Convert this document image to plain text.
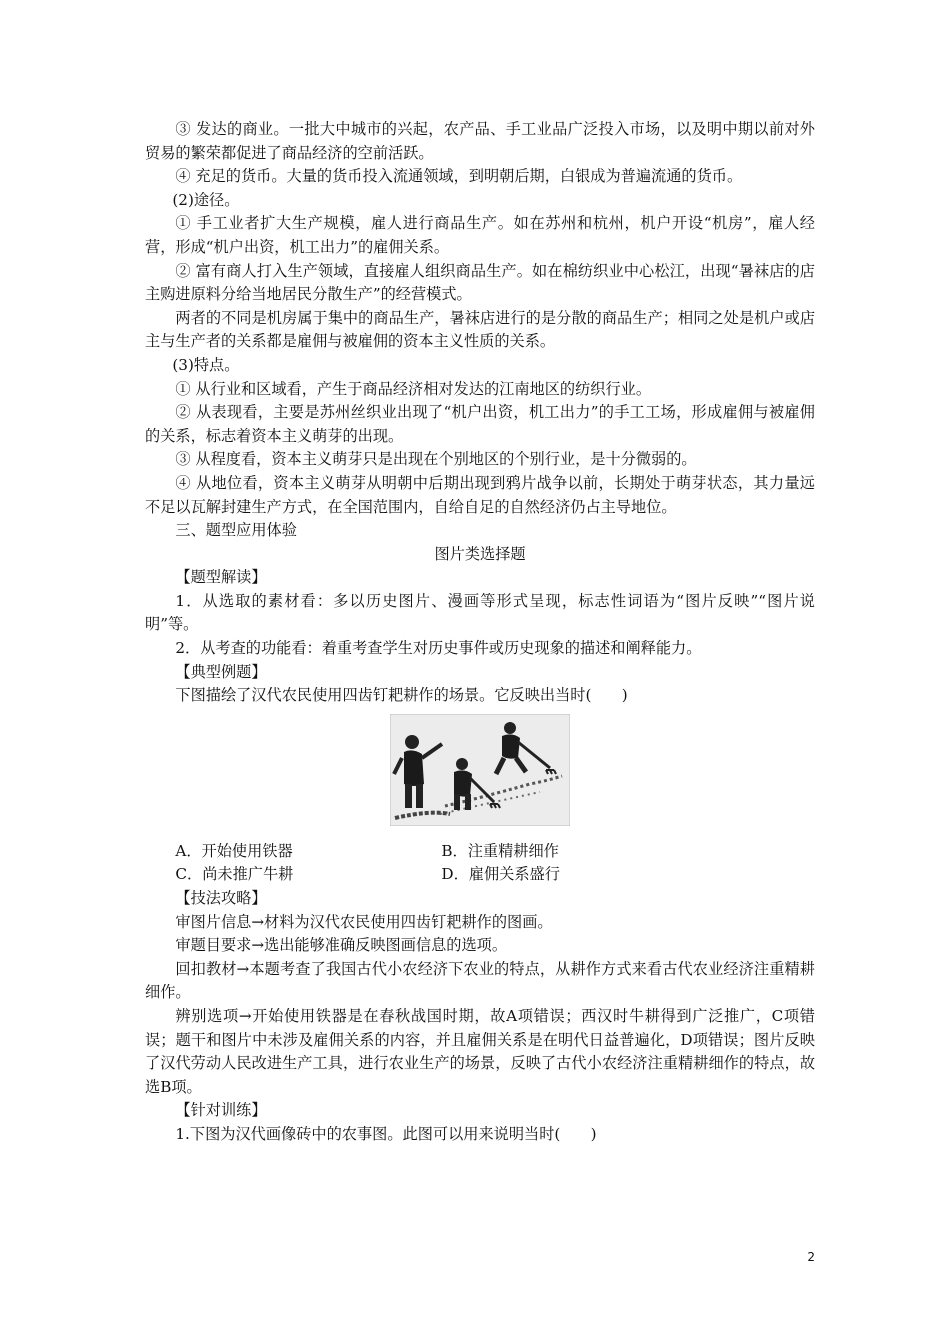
③ 发达的商业。一批大中城市的兴起，农产品、手工业品广泛投入市场，以及明中期以前对外贸易的繁荣都促进了商品经济的空前活跃。

④ 充足的货币。大量的货币投入流通领域，到明朝后期，白银成为普遍流通的货币。

(2)途径。

① 手工业者扩大生产规模，雇人进行商品生产。如在苏州和杭州，机户开设“机房”，雇人经营，形成“机户出资，机工出力”的雇佣关系。

② 富有商人打入生产领域，直接雇人组织商品生产。如在棉纺织业中心松江，出现“暑袜店的店主购进原料分给当地居民分散生产”的经营模式。

两者的不同是机房属于集中的商品生产，暑袜店进行的是分散的商品生产；相同之处是机户或店主与生产者的关系都是雇佣与被雇佣的资本主义性质的关系。

(3)特点。

① 从行业和区域看，产生于商品经济相对发达的江南地区的纺织行业。

② 从表现看，主要是苏州丝织业出现了“机户出资，机工出力”的手工工场，形成雇佣与被雇佣的关系，标志着资本主义萌芽的出现。

③ 从程度看，资本主义萌芽只是出现在个别地区的个别行业，是十分微弱的。

④ 从地位看，资本主义萌芽从明朝中后期出现到鸦片战争以前，长期处于萌芽状态，其力量远不足以瓦解封建生产方式，在全国范围内，自给自足的自然经济仍占主导地位。

三、题型应用体验

图片类选择题

【题型解读】

1．从选取的素材看：多以历史图片、漫画等形式呈现，标志性词语为“图片反映”“图片说明”等。

2．从考查的功能看：着重考查学生对历史事件或历史现象的描述和阐释能力。

【典型例题】

下图描绘了汉代农民使用四齿钉耙耕作的场景。它反映出当时(　　)

A．开始使用铁器	B．注重精耕细作
C．尚未推广牛耕	D．雇佣关系盛行

【技法攻略】

审图片信息→材料为汉代农民使用四齿钉耙耕作的图画。

审题目要求→选出能够准确反映图画信息的选项。

回扣教材→本题考查了我国古代小农经济下农业的特点，从耕作方式来看古代农业经济注重精耕细作。

辨别选项→开始使用铁器是在春秋战国时期，故A项错误；西汉时牛耕得到广泛推广，C项错误；题干和图片中未涉及雇佣关系的内容，并且雇佣关系是在明代日益普遍化，D项错误；图片反映了汉代劳动人民改进生产工具，进行农业生产的场景，反映了古代小农经济注重精耕细作的特点，故选B项。

【针对训练】

1.下图为汉代画像砖中的农事图。此图可以用来说明当时(　　)

2
